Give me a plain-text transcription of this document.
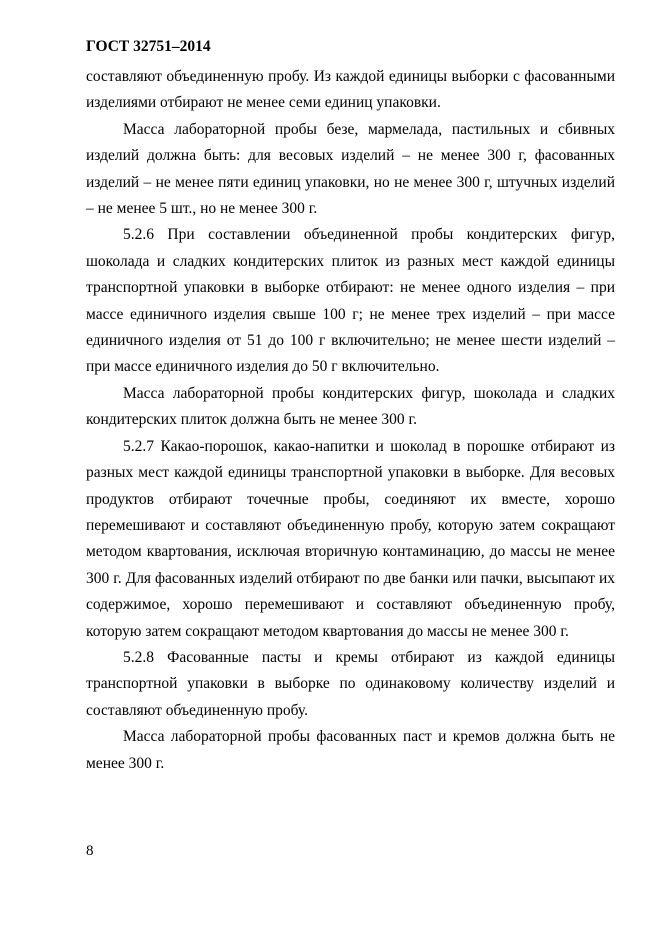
ГОСТ 32751–2014

составляют объединенную пробу. Из каждой единицы выборки с фасованными изделиями отбирают не менее семи единиц упаковки.

Масса лабораторной пробы безе, мармелада, пастильных и сбивных изделий должна быть: для весовых изделий – не менее 300 г, фасованных изделий – не менее пяти единиц упаковки, но не менее 300 г, штучных изделий – не менее 5 шт., но не менее 300 г.

5.2.6 При составлении объединенной пробы кондитерских фигур, шоколада и сладких кондитерских плиток из разных мест каждой единицы транспортной упаковки в выборке отбирают: не менее одного изделия – при массе единичного изделия свыше 100 г; не менее трех изделий – при массе единичного изделия от 51 до 100 г включительно; не менее шести изделий – при массе единичного изделия до 50 г включительно.

Масса лабораторной пробы кондитерских фигур, шоколада и сладких кондитерских плиток должна быть не менее 300 г.

5.2.7 Какао-порошок, какао-напитки и шоколад в порошке отбирают из разных мест каждой единицы транспортной упаковки в выборке. Для весовых продуктов отбирают точечные пробы, соединяют их вместе, хорошо перемешивают и составляют объединенную пробу, которую затем сокращают методом квартования, исключая вторичную контаминацию, до массы не менее 300 г. Для фасованных изделий отбирают по две банки или пачки, высыпают их содержимое, хорошо перемешивают и составляют объединенную пробу, которую затем сокращают методом квартования до массы не менее 300 г.

5.2.8 Фасованные пасты и кремы отбирают из каждой единицы транспортной упаковки в выборке по одинаковому количеству изделий и составляют объединенную пробу.

Масса лабораторной пробы фасованных паст и кремов должна быть не менее 300 г.

8
